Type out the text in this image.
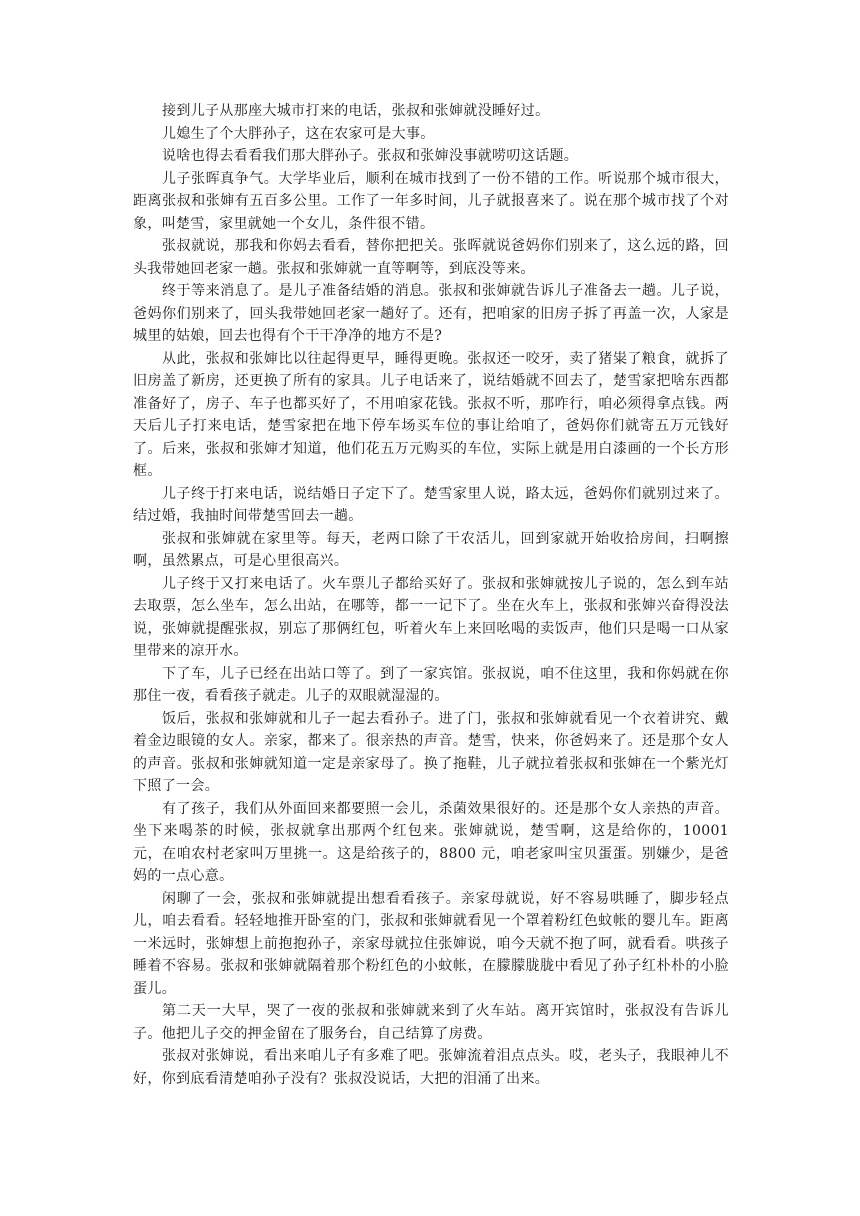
接到儿子从那座大城市打来的电话，张叔和张婶就没睡好过。

儿媳生了个大胖孙子，这在农家可是大事。

说啥也得去看看我们那大胖孙子。张叔和张婶没事就唠叨这话题。

儿子张晖真争气。大学毕业后，顺利在城市找到了一份不错的工作。听说那个城市很大，距离张叔和张婶有五百多公里。工作了一年多时间，儿子就报喜来了。说在那个城市找了个对象，叫楚雪，家里就她一个女儿，条件很不错。

张叔就说，那我和你妈去看看，替你把把关。张晖就说爸妈你们别来了，这么远的路，回头我带她回老家一趟。张叔和张婶就一直等啊等，到底没等来。

终于等来消息了。是儿子准备结婚的消息。张叔和张婶就告诉儿子准备去一趟。儿子说，爸妈你们别来了，回头我带她回老家一趟好了。还有，把咱家的旧房子拆了再盖一次，人家是城里的姑娘，回去也得有个干干净净的地方不是?

从此，张叔和张婶比以往起得更早，睡得更晚。张叔还一咬牙，卖了猪粜了粮食，就拆了旧房盖了新房，还更换了所有的家具。儿子电话来了，说结婚就不回去了，楚雪家把啥东西都准备好了，房子、车子也都买好了，不用咱家花钱。张叔不听，那咋行，咱必须得拿点钱。两天后儿子打来电话，楚雪家把在地下停车场买车位的事让给咱了，爸妈你们就寄五万元钱好了。后来，张叔和张婶才知道，他们花五万元购买的车位，实际上就是用白漆画的一个长方形框。

儿子终于打来电话，说结婚日子定下了。楚雪家里人说，路太远，爸妈你们就别过来了。结过婚，我抽时间带楚雪回去一趟。

张叔和张婶就在家里等。每天，老两口除了干农活儿，回到家就开始收拾房间，扫啊擦啊，虽然累点，可是心里很高兴。

儿子终于又打来电话了。火车票儿子都给买好了。张叔和张婶就按儿子说的，怎么到车站去取票，怎么坐车，怎么出站，在哪等，都一一记下了。坐在火车上，张叔和张婶兴奋得没法说，张婶就提醒张叔，别忘了那俩红包，听着火车上来回吆喝的卖饭声，他们只是喝一口从家里带来的凉开水。

下了车，儿子已经在出站口等了。到了一家宾馆。张叔说，咱不住这里，我和你妈就在你那住一夜，看看孩子就走。儿子的双眼就湿湿的。

饭后，张叔和张婶就和儿子一起去看孙子。进了门，张叔和张婶就看见一个衣着讲究、戴着金边眼镜的女人。亲家，都来了。很亲热的声音。楚雪，快来，你爸妈来了。还是那个女人的声音。张叔和张婶就知道一定是亲家母了。换了拖鞋，儿子就拉着张叔和张婶在一个紫光灯下照了一会。

有了孩子，我们从外面回来都要照一会儿，杀菌效果很好的。还是那个女人亲热的声音。坐下来喝茶的时候，张叔就拿出那两个红包来。张婶就说，楚雪啊，这是给你的，10001 元，在咱农村老家叫万里挑一。这是给孩子的，8800 元，咱老家叫宝贝蛋蛋。别嫌少，是爸妈的一点心意。

闲聊了一会，张叔和张婶就提出想看看孩子。亲家母就说，好不容易哄睡了，脚步轻点儿，咱去看看。轻轻地推开卧室的门，张叔和张婶就看见一个罩着粉红色蚊帐的婴儿车。距离一米远时，张婶想上前抱抱孙子，亲家母就拉住张婶说，咱今天就不抱了呵，就看看。哄孩子睡着不容易。张叔和张婶就隔着那个粉红色的小蚊帐，在朦朦胧胧中看见了孙子红朴朴的小脸蛋儿。

第二天一大早，哭了一夜的张叔和张婶就来到了火车站。离开宾馆时，张叔没有告诉儿子。他把儿子交的押金留在了服务台，自己结算了房费。

张叔对张婶说，看出来咱儿子有多难了吧。张婶流着泪点点头。哎，老头子，我眼神儿不好，你到底看清楚咱孙子没有？张叔没说话，大把的泪涌了出来。
